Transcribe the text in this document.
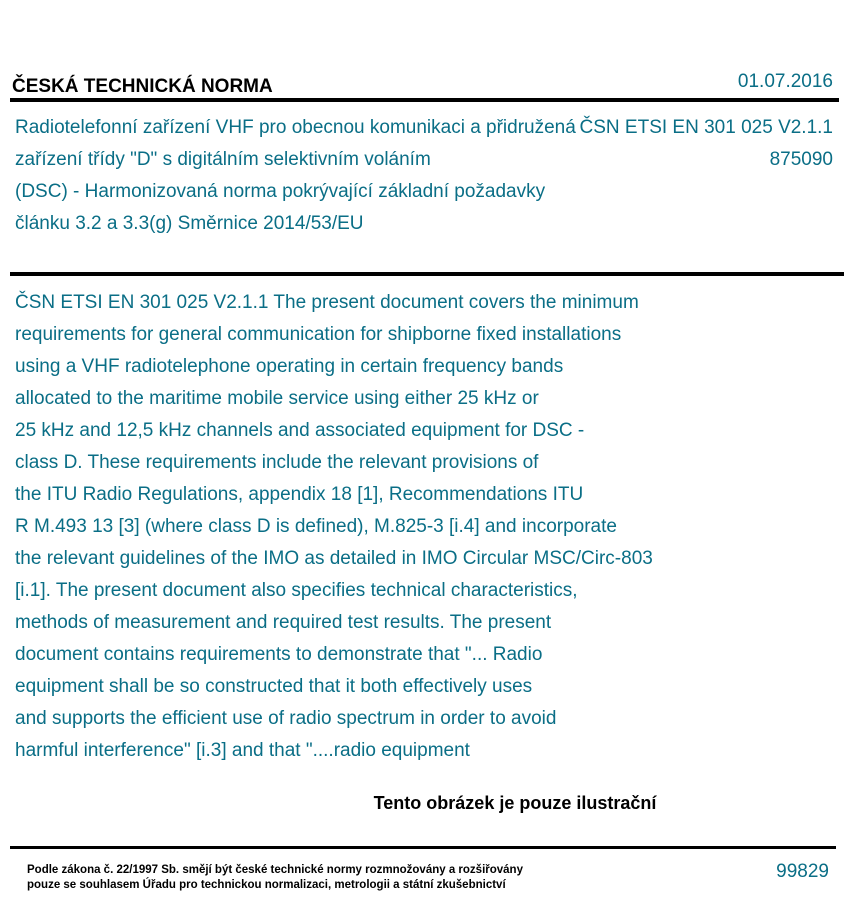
ČESKÁ TECHNICKÁ NORMA	01.07.2016
Radiotelefonní zařízení VHF pro obecnou komunikaci a přidružená
zařízení třídy "D" s digitálním selektivním voláním
(DSC) - Harmonizovaná norma pokrývající základní požadavky
článku 3.2 a 3.3(g) Směrnice 2014/53/EU
ČSN ETSI EN 301 025 V2.1.1
875090
ČSN ETSI EN 301 025 V2.1.1 The present document covers the minimum
requirements for general communication for shipborne fixed installations
using a VHF radiotelephone operating in certain frequency bands
allocated to the maritime mobile service using either 25 kHz or
25 kHz and 12,5 kHz channels and associated equipment for DSC -
class D. These requirements include the relevant provisions of
the ITU Radio Regulations, appendix 18 [1], Recommendations ITU
R M.493 13 [3] (where class D is defined), M.825-3 [i.4] and incorporate
the relevant guidelines of the IMO as detailed in IMO Circular MSC/Circ-803
[i.1]. The present document also specifies technical characteristics,
methods of measurement and required test results. The present
document contains requirements to demonstrate that "... Radio
equipment shall be so constructed that it both effectively uses
and supports the efficient use of radio spectrum in order to avoid
harmful interference" [i.3] and that "....radio equipment
Tento obrázek je pouze ilustrační
Podle zákona č. 22/1997 Sb. smějí být české technické normy rozmnožovány a rozšiřovány
pouze se souhlasem Úřadu pro technickou normalizaci, metrologii a státní zkušebnictví
99829
